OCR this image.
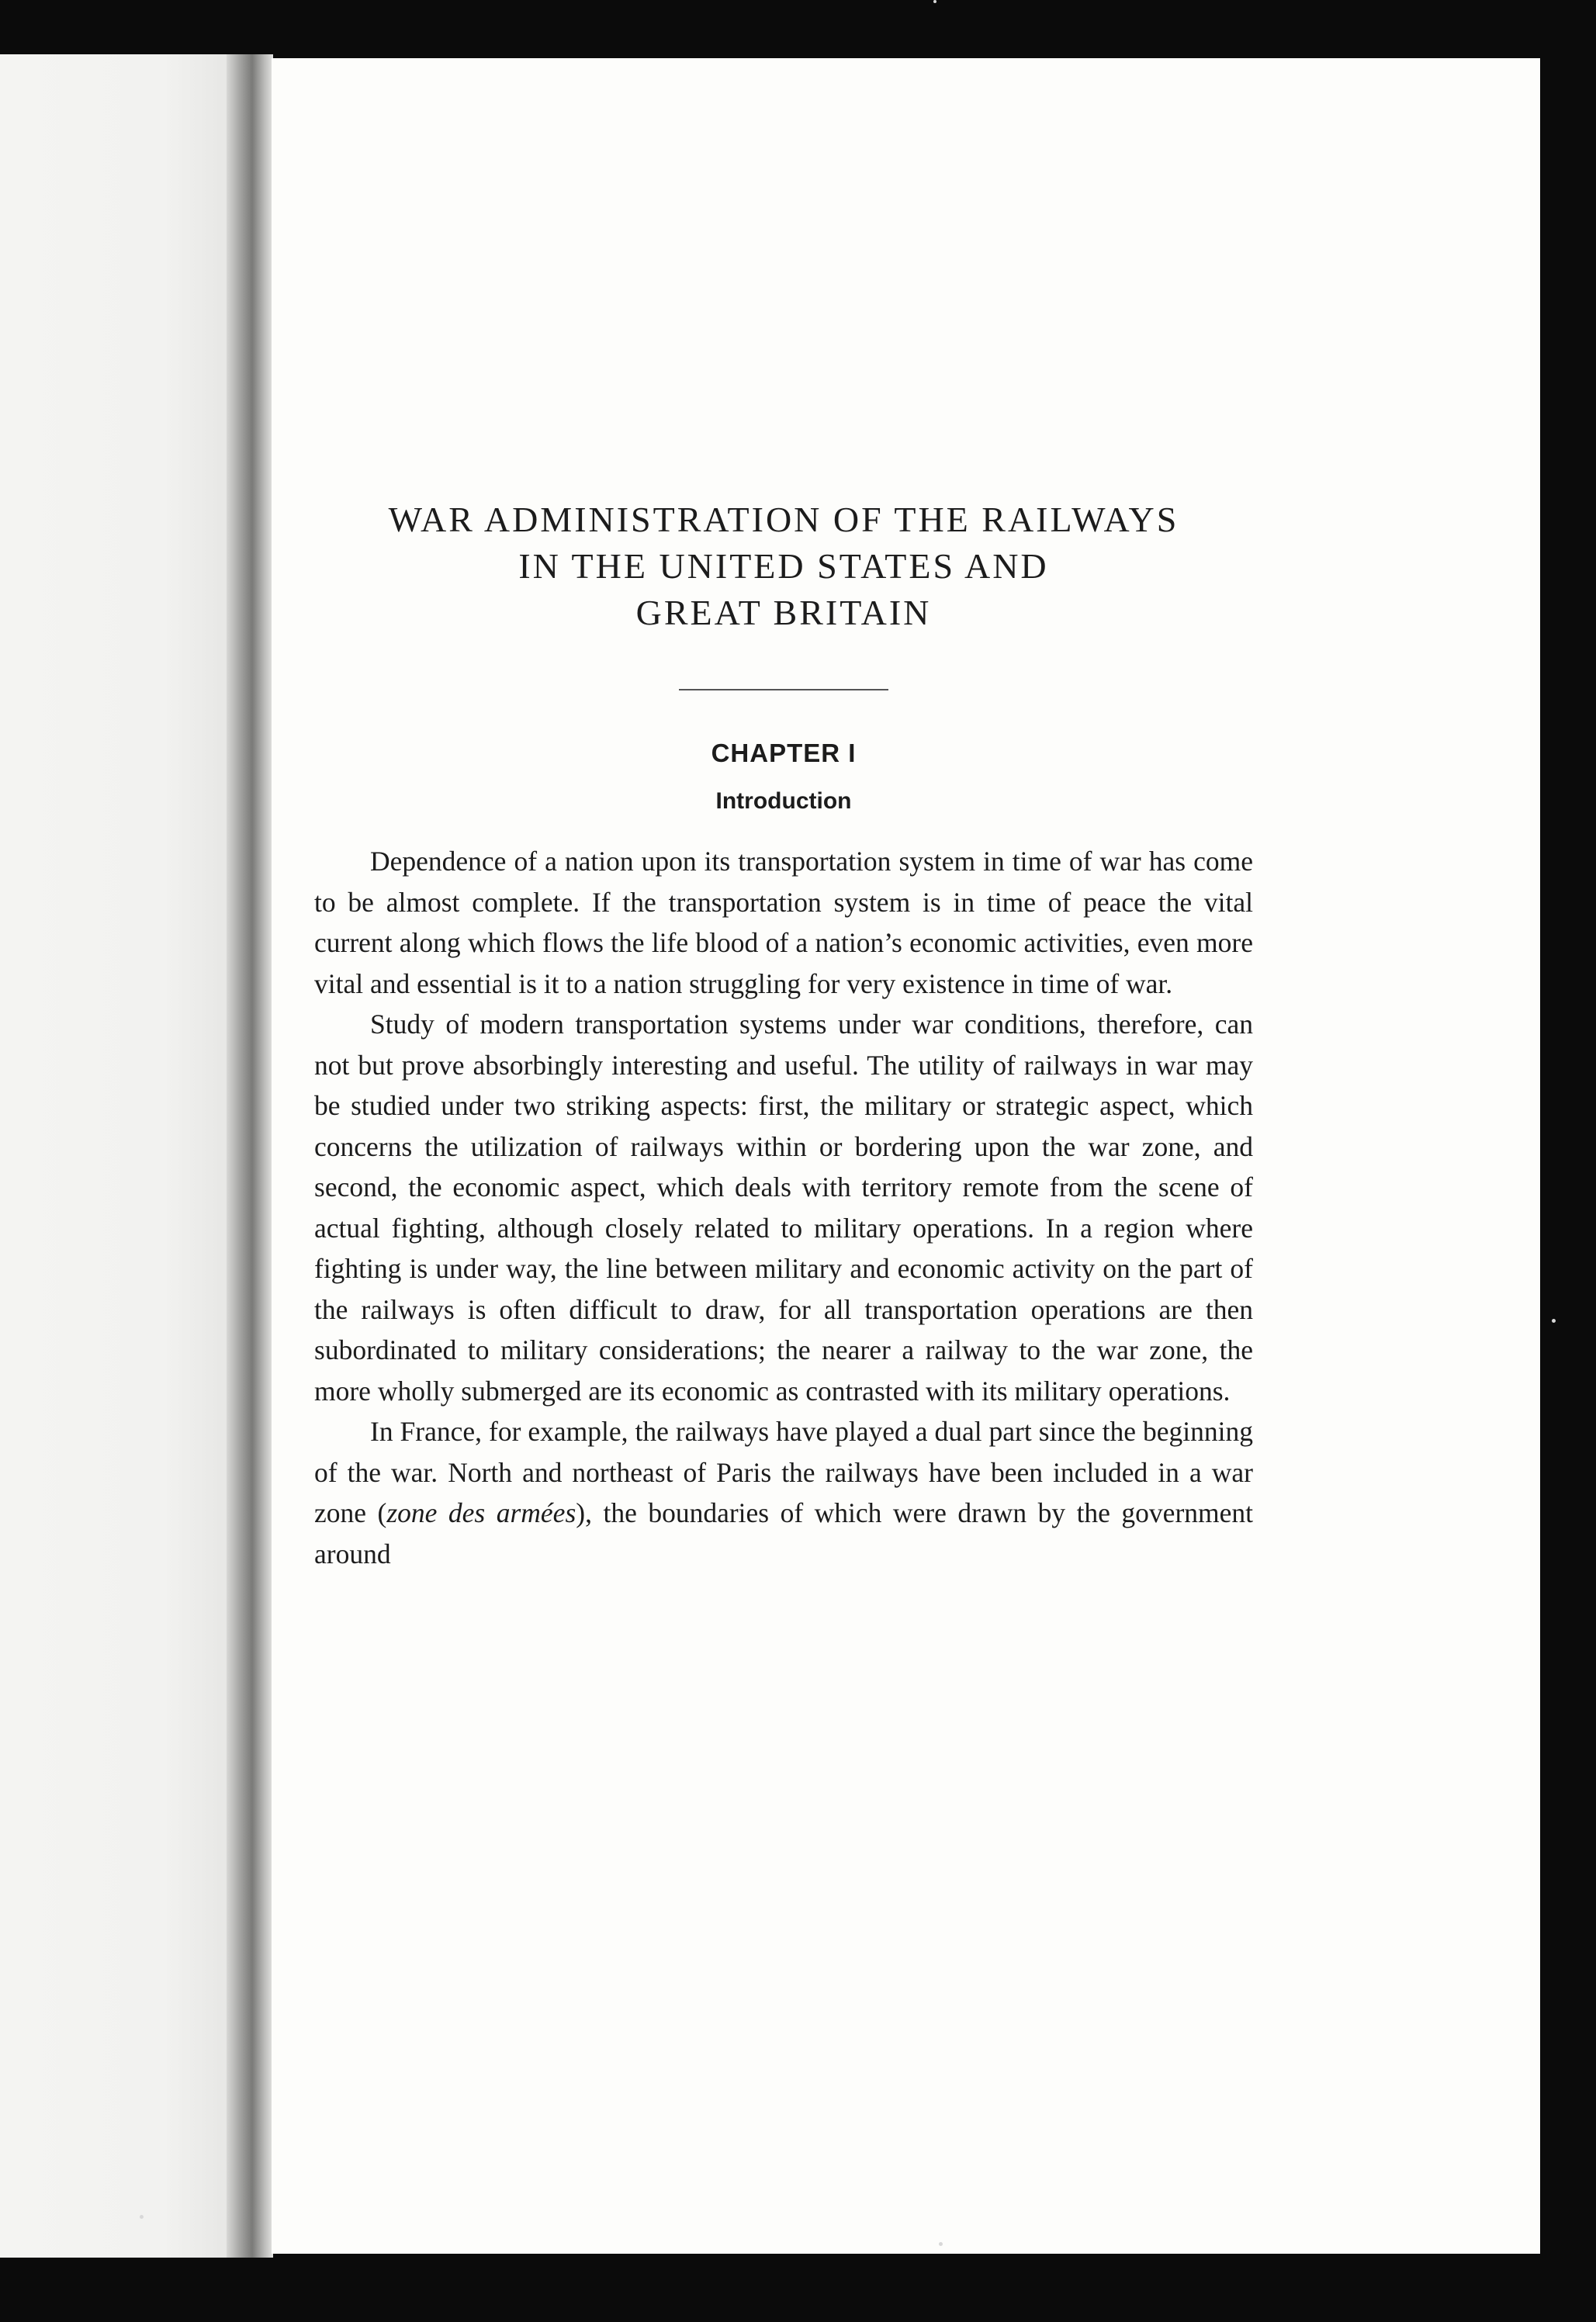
WAR ADMINISTRATION OF THE RAILWAYS
IN THE UNITED STATES AND
GREAT BRITAIN
CHAPTER I
Introduction

Dependence of a nation upon its transportation system in time of war has come to be almost complete. If the transportation system is in time of peace the vital current along which flows the life blood of a nation’s economic activities, even more vital and essential is it to a nation struggling for very existence in time of war.

Study of modern transportation systems under war conditions, therefore, can not but prove absorbingly interesting and useful. The utility of railways in war may be studied under two striking aspects: first, the military or strategic aspect, which concerns the utilization of railways within or bordering upon the war zone, and second, the economic aspect, which deals with territory remote from the scene of actual fighting, although closely related to military operations. In a region where fighting is under way, the line between military and economic activity on the part of the railways is often difficult to draw, for all transportation operations are then subordinated to military considerations; the nearer a railway to the war zone, the more wholly submerged are its economic as contrasted with its military operations.

In France, for example, the railways have played a dual part since the beginning of the war. North and northeast of Paris the railways have been included in a war zone (zone des armées), the boundaries of which were drawn by the government around
